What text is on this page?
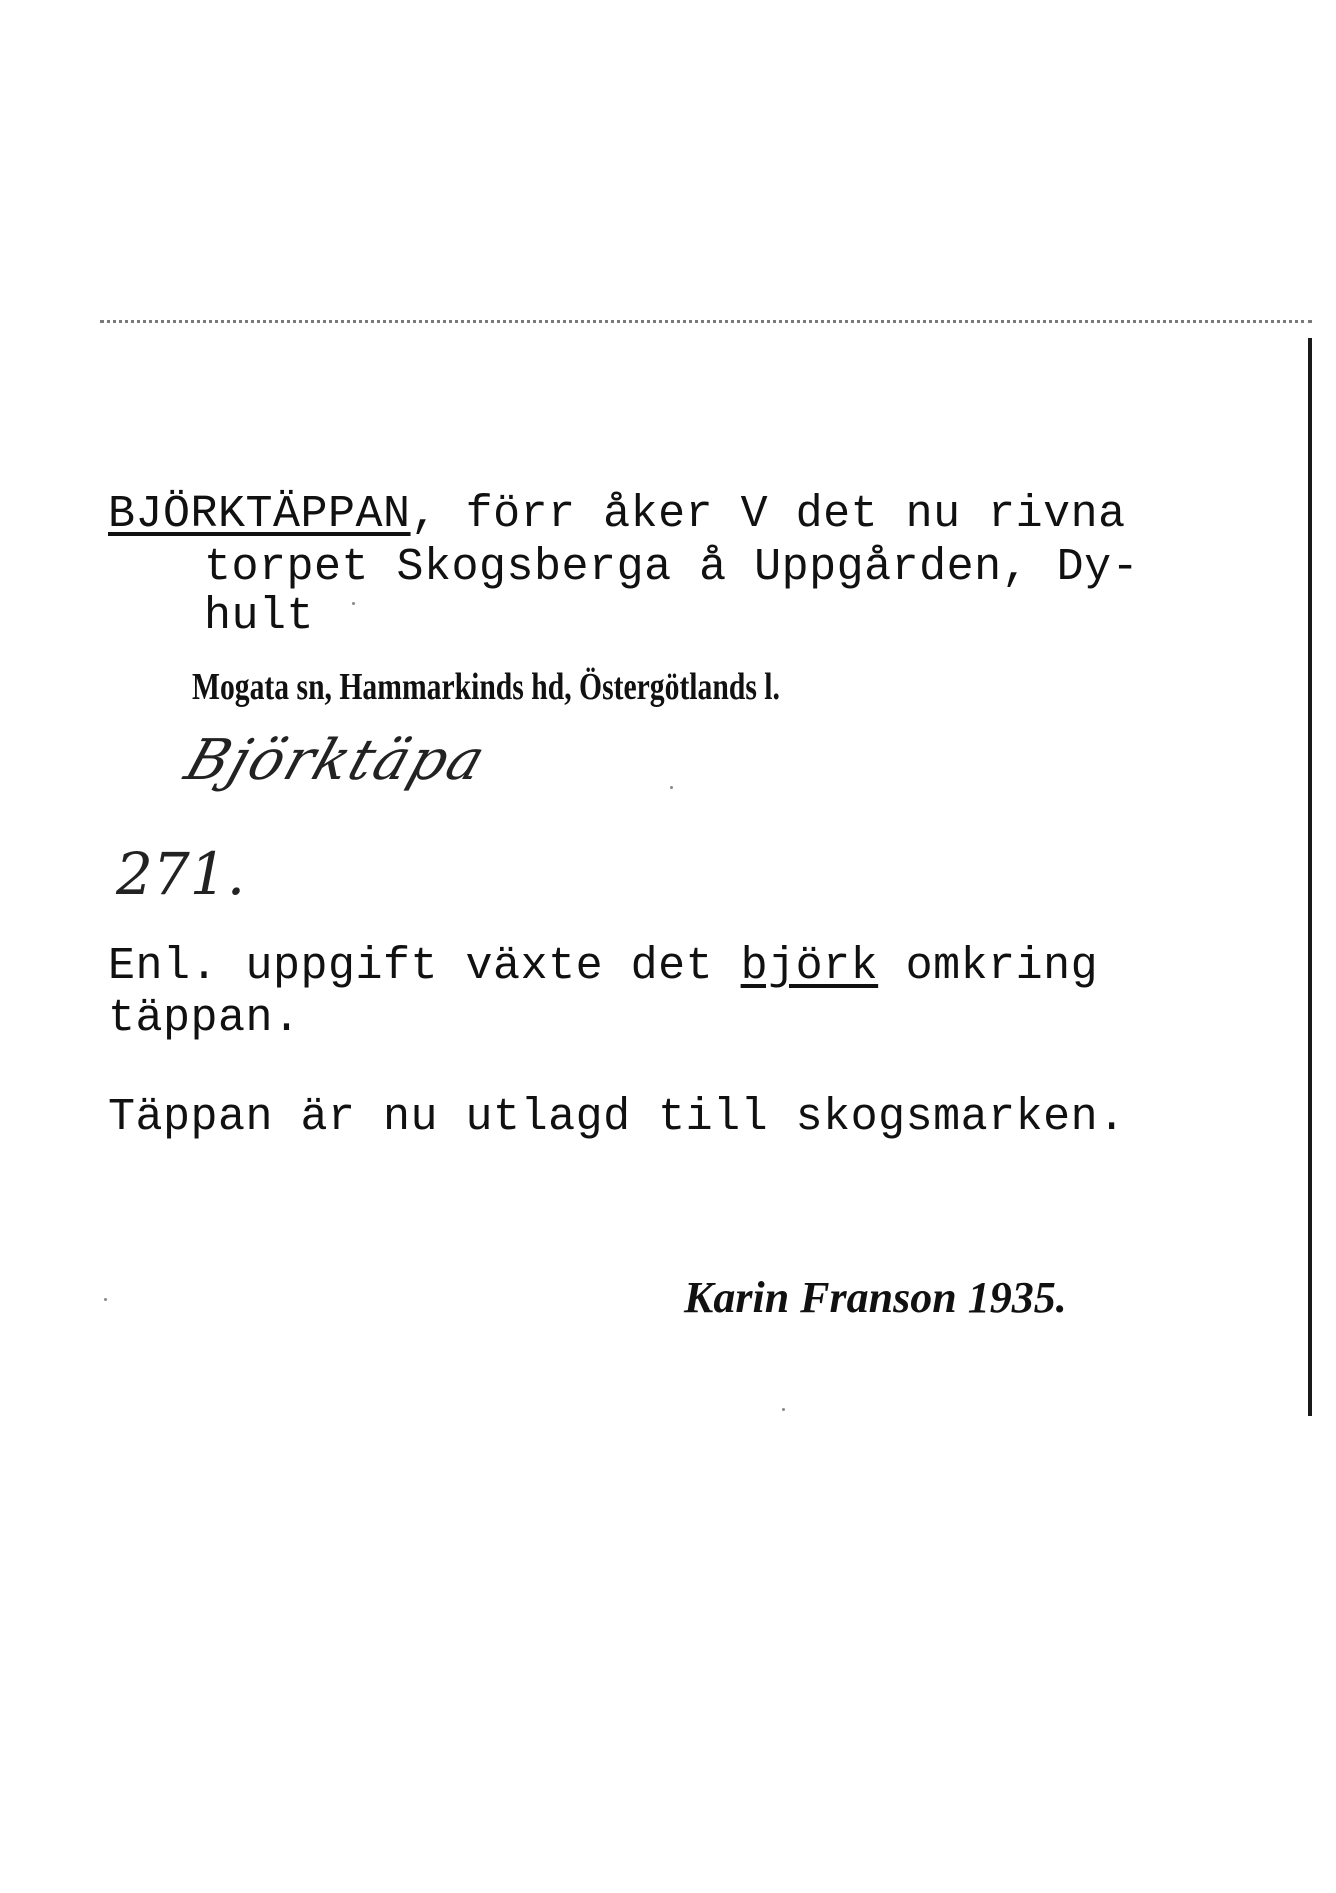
BJÖRKTÄPPAN, förr åker V det nu rivna
torpet Skogsberga å Uppgården, Dy-
hult
Mogata sn, Hammarkinds hd, Östergötlands l.
Björktäpa
271.
Enl. uppgift växte det björk omkring
täppan.
Täppan är nu utlagd till skogsmarken.
Karin Franson 1935.
